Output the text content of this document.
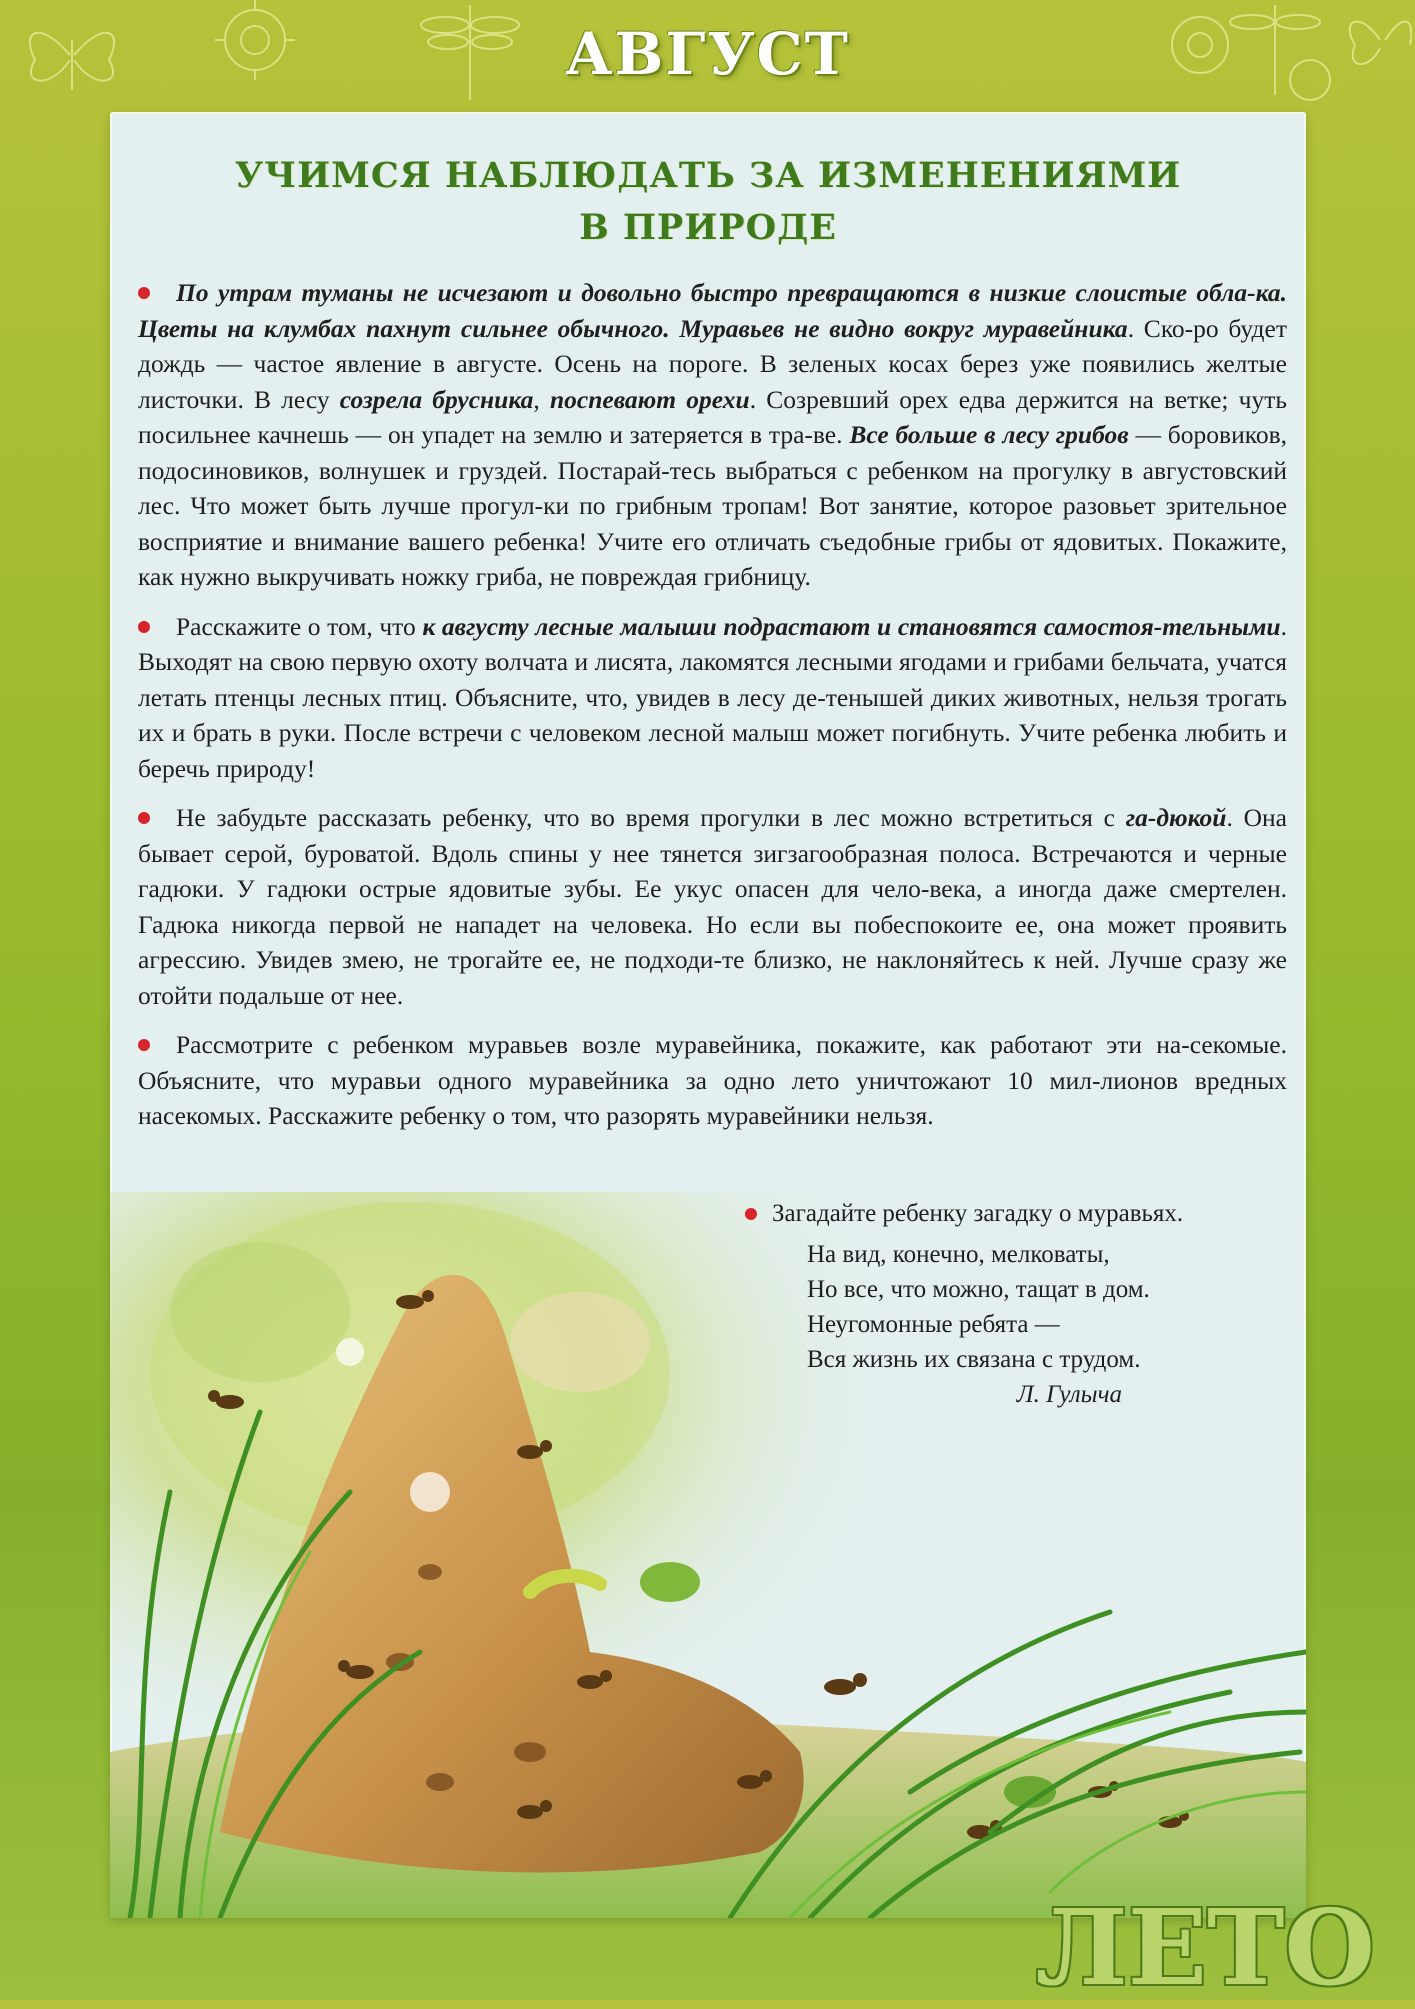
АВГУСТ
УЧИМСЯ НАБЛЮДАТЬ ЗА ИЗМЕНЕНИЯМИ
В ПРИРОДЕ

По утрам туманы не исчезают и довольно быстро превращаются в низкие слоистые обла-ка. Цветы на клумбах пахнут сильнее обычного. Муравьев не видно вокруг муравейника. Ско-ро будет дождь — частое явление в августе. Осень на пороге. В зеленых косах берез уже появились желтые листочки. В лесу созрела брусника, поспевают орехи. Созревший орех едва держится на ветке; чуть посильнее качнешь — он упадет на землю и затеряется в тра-ве. Все больше в лесу грибов — боровиков, подосиновиков, волнушек и груздей. Постарай-тесь выбраться с ребенком на прогулку в августовский лес. Что может быть лучше прогул-ки по грибным тропам! Вот занятие, которое разовьет зрительное восприятие и внимание вашего ребенка! Учите его отличать съедобные грибы от ядовитых. Покажите, как нужно выкручивать ножку гриба, не повреждая грибницу.

Расскажите о том, что к августу лесные малыши подрастают и становятся самостоя-тельными. Выходят на свою первую охоту волчата и лисята, лакомятся лесными ягодами и грибами бельчата, учатся летать птенцы лесных птиц. Объясните, что, увидев в лесу де-тенышей диких животных, нельзя трогать их и брать в руки. После встречи с человеком лесной малыш может погибнуть. Учите ребенка любить и беречь природу!

Не забудьте рассказать ребенку, что во время прогулки в лес можно встретиться с га-дюкой. Она бывает серой, буроватой. Вдоль спины у нее тянется зигзагообразная полоса. Встречаются и черные гадюки. У гадюки острые ядовитые зубы. Ее укус опасен для чело-века, а иногда даже смертелен. Гадюка никогда первой не нападет на человека. Но если вы побеспокоите ее, она может проявить агрессию. Увидев змею, не трогайте ее, не подходи-те близко, не наклоняйтесь к ней. Лучше сразу же отойти подальше от нее.

Рассмотрите с ребенком муравьев возле муравейника, покажите, как работают эти на-секомые. Объясните, что муравьи одного муравейника за одно лето уничтожают 10 мил-лионов вредных насекомых. Расскажите ребенку о том, что разорять муравейники нельзя.

Загадайте ребенку загадку о муравьях.

На вид, конечно, мелковаты,
Но все, что можно, тащат в дом.
Неугомонные ребята —
Вся жизнь их связана с трудом.
Л. Гулыча

ЛЕТО
